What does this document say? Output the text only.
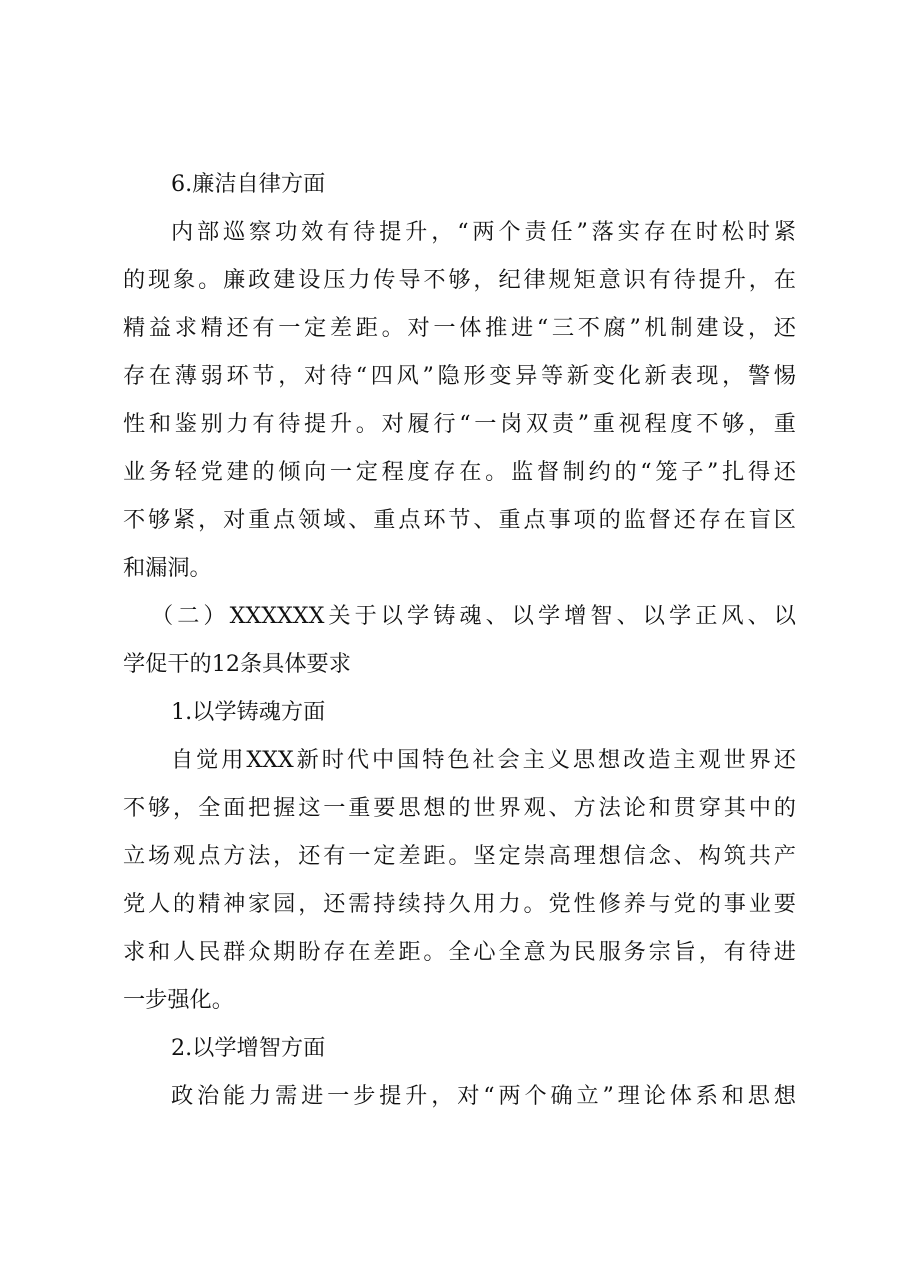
6.廉洁自律方面
内部巡察功效有待提升，“两个责任”落实存在时松时紧
的现象。廉政建设压力传导不够，纪律规矩意识有待提升，在
精益求精还有一定差距。对一体推进“三不腐”机制建设，还
存在薄弱环节，对待“四风”隐形变异等新变化新表现，警惕
性和鉴别力有待提升。对履行“一岗双责”重视程度不够，重
业务轻党建的倾向一定程度存在。监督制约的“笼子”扎得还
不够紧，对重点领域、重点环节、重点事项的监督还存在盲区
和漏洞。
（二）XXXXXX关于以学铸魂、以学增智、以学正风、以
学促干的12条具体要求
1.以学铸魂方面
自觉用XXX新时代中国特色社会主义思想改造主观世界还
不够，全面把握这一重要思想的世界观、方法论和贯穿其中的
立场观点方法，还有一定差距。坚定崇高理想信念、构筑共产
党人的精神家园，还需持续持久用力。党性修养与党的事业要
求和人民群众期盼存在差距。全心全意为民服务宗旨，有待进
一步强化。
2.以学增智方面
政治能力需进一步提升，对“两个确立”理论体系和思想
